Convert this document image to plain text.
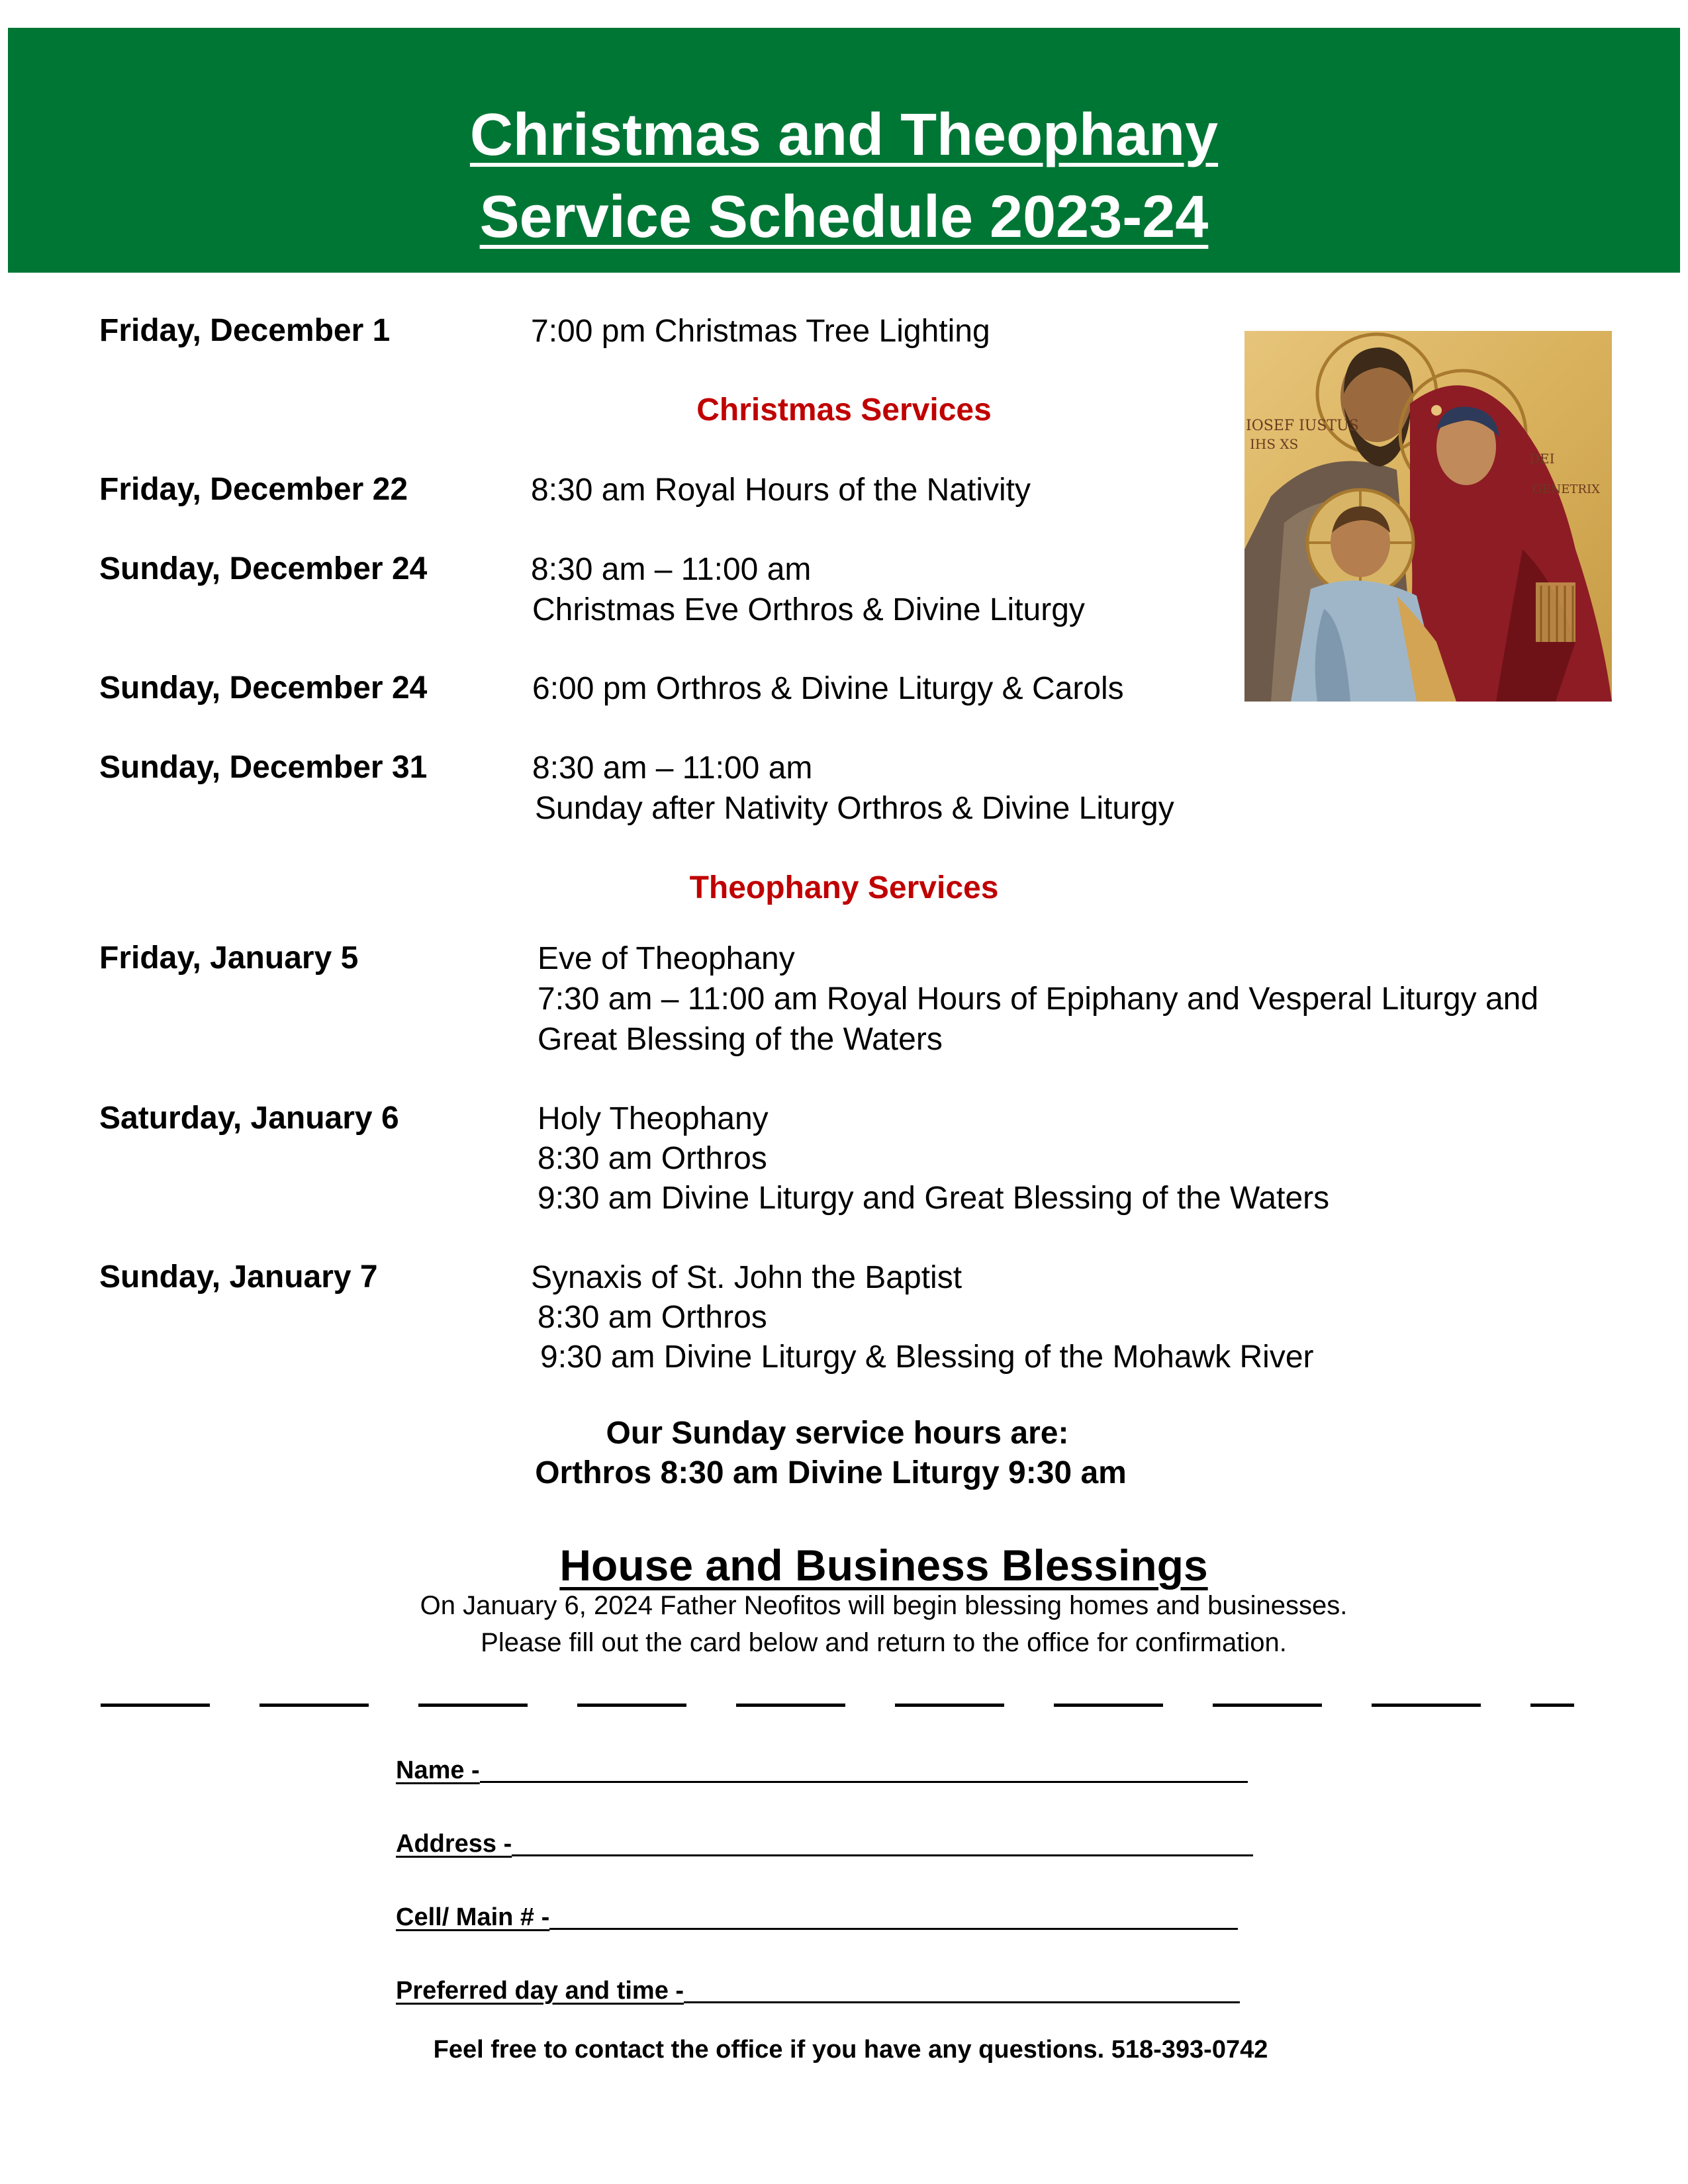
Christmas and Theophany
Service Schedule 2023-24
Friday, December 1	7:00 pm Christmas Tree Lighting
Christmas Services
Friday, December 22	8:30 am Royal Hours of the Nativity
Sunday, December 24	8:30 am – 11:00 am
Christmas Eve Orthros & Divine Liturgy
Sunday, December 24	6:00 pm Orthros & Divine Liturgy & Carols
Sunday, December 31	8:30 am – 11:00 am
Sunday after Nativity Orthros & Divine Liturgy
Theophany Services
Friday, January 5	Eve of Theophany
7:30 am – 11:00 am Royal Hours of Epiphany and Vesperal Liturgy and
Great Blessing of the Waters
Saturday, January 6	Holy Theophany
8:30 am Orthros
9:30 am Divine Liturgy and Great Blessing of the Waters
Sunday, January 7	Synaxis of St. John the Baptist
8:30 am Orthros
9:30 am Divine Liturgy & Blessing of the Mohawk River
IOSEF IUSTUS
IHS XS
DEI
GENETRIX
Our Sunday service hours are:
Orthros 8:30 am Divine Liturgy 9:30 am
House and Business Blessings
On January 6, 2024 Father Neofitos will begin blessing homes and businesses.
Please fill out the card below and return to the office for confirmation.
Name -
Address -
Cell/ Main # -
Preferred day and time -
Feel free to contact the office if you have any questions. 518-393-0742
